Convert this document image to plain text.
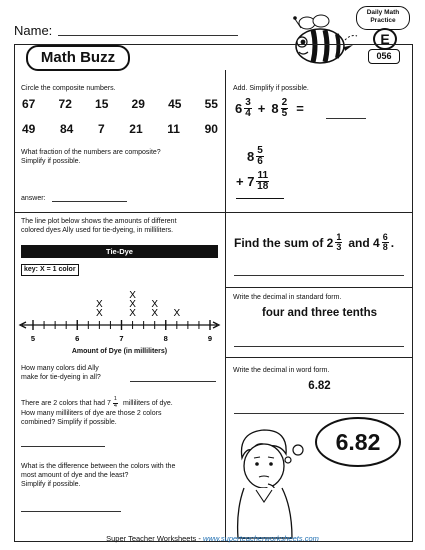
Name:
Daily Math
Practice
E
056
Math Buzz
Circle the composite numbers.
67 72 15 29 45 55
49 84 7 21 11 90
What fraction of the numbers are composite?
Simplify if possible.
answer:
Add. Simplify if possible.
$6 \frac{3}{4} + 8 \frac{2}{5}$ =
$8 \frac{5}{6}$
+ $7 \frac{11}{18}$
The line plot below shows the amounts of different
colored dyes Ally used for tie-dyeing, in milliliters.
Tie-Dye
key: X = 1 color
X
X
X
X
X
X
X
X
5	6	7	8	9
Amount of Dye (in milliliters)
How many colors did Ally
make for tie-dyeing in all?
There are 2 colors that had $7 \frac{1}{4}$ milliliters of dye.
How many milliliters of dye are those 2 colors
combined? Simplify if possible.
What is the difference between the colors with the
most amount of dye and the least?
Simplify if possible.
Find the sum of $2 \frac{1}{3}$ and $4 \frac{6}{8}$ .
Write the decimal in standard form.
four and three tenths
Write the decimal in word form.
6.82
6.82
Super Teacher Worksheets - www.superteacherworksheets.com
